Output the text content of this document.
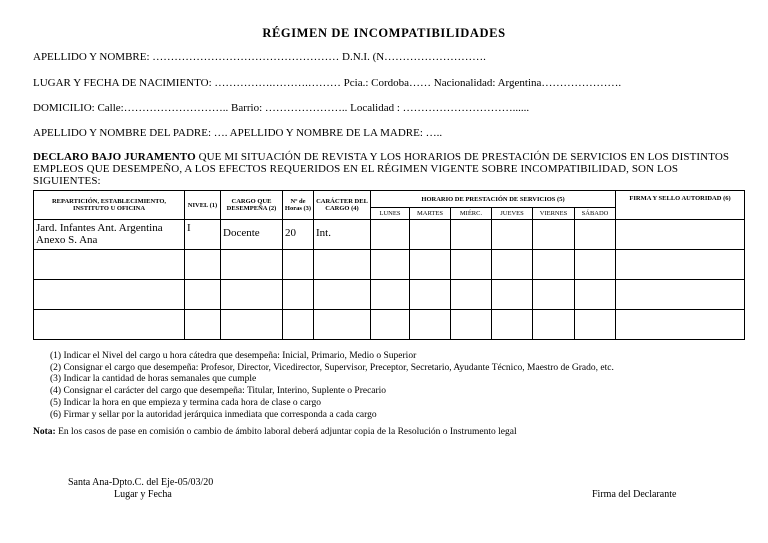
RÉGIMEN DE INCOMPATIBILIDADES
APELLIDO Y NOMBRE: …………………………………………… D.N.I. (N……………………….
LUGAR Y FECHA DE NACIMIENTO: …………….……….……… Pcia.: Cordoba…… Nacionalidad: Argentina………………….
DOMICILIO: Calle:……………………….. Barrio: ………………….. Localidad : …………………………......
APELLIDO Y NOMBRE DEL PADRE: …. APELLIDO Y NOMBRE DE LA MADRE: …..
DECLARO BAJO JURAMENTO QUE MI SITUACIÓN DE REVISTA Y LOS HORARIOS DE PRESTACIÓN DE SERVICIOS EN LOS DISTINTOS EMPLEOS QUE DESEMPEÑO, A LOS EFECTOS REQUERIDOS EN EL RÉGIMEN VIGENTE SOBRE INCOMPATIBILIDAD, SON LOS SIGUIENTES:
REPARTICIÓN, ESTABLECIMIENTO, INSTITUTO U OFICINA	NIVEL (1)	CARGO QUE DESEMPEÑA (2)	Nº de Horas (3)	CARÁCTER DEL CARGO (4)	HORARIO DE PRESTACIÓN DE SERVICIOS (5)						FIRMA Y SELLO AUTORIDAD (6)
					LUNES	MARTES	MIÉRC.	JUEVES	VIERNES	SÁBADO	
Jard. Infantes Ant. Argentina Anexo S. Ana	I	Docente	20	Int.							

(1) Indicar el Nivel del cargo u hora cátedra que desempeña: Inicial, Primario, Medio o Superior
(2) Consignar el cargo que desempeña: Profesor, Director, Vicedirector, Supervisor, Preceptor, Secretario, Ayudante Técnico, Maestro de Grado, etc.
(3) Indicar la cantidad de horas semanales que cumple
(4) Consignar el carácter del cargo que desempeña: Titular, Interino, Suplente o Precario
(5) Indicar la hora en que empieza y termina cada hora de clase o cargo
(6) Firmar y sellar por la autoridad jerárquica inmediata que corresponda a cada cargo
Nota: En los casos de pase en comisión o cambio de ámbito laboral deberá adjuntar copia de la Resolución o Instrumento legal
Santa Ana-Dpto.C. del Eje-05/03/20
Lugar y Fecha	Firma del Declarante
